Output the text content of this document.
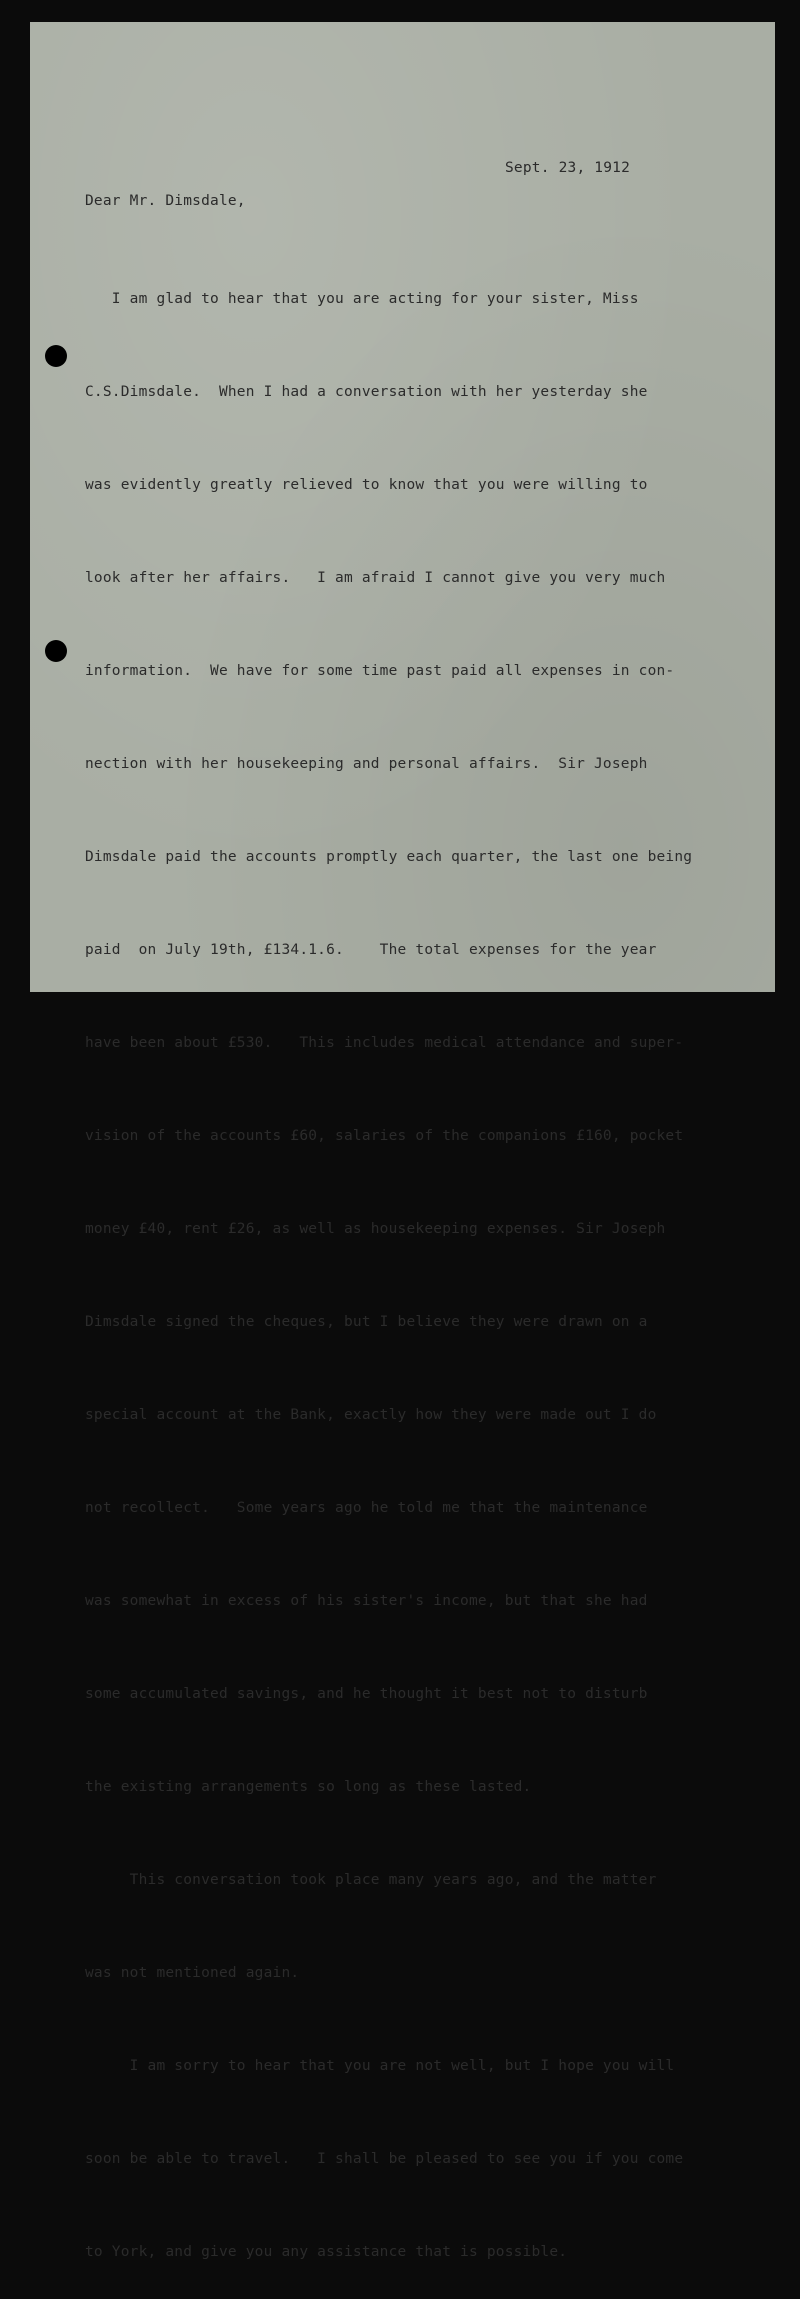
Sept. 23, 1912
Dear Mr. Dimsdale,

I am glad to hear that you are acting for your sister, Miss

C.S.Dimsdale.  When I had a conversation with her yesterday she

was evidently greatly relieved to know that you were willing to

look after her affairs.   I am afraid I cannot give you very much

information.  We have for some time past paid all expenses in con-

nection with her housekeeping and personal affairs.  Sir Joseph

Dimsdale paid the accounts promptly each quarter, the last one being

paid  on July 19th, £134.1.6.    The total expenses for the year

have been about £530.   This includes medical attendance and super-

vision of the accounts £60, salaries of the companions £160, pocket

money £40, rent £26, as well as housekeeping expenses. Sir Joseph

Dimsdale signed the cheques, but I believe they were drawn on a

special account at the Bank, exactly how they were made out I do

not recollect.   Some years ago he told me that the maintenance

was somewhat in excess of his sister's income, but that she had

some accumulated savings, and he thought it best not to disturb

the existing arrangements so long as these lasted.

This conversation took place many years ago, and the matter

was not mentioned again.

I am sorry to hear that you are not well, but I hope you will

soon be able to travel.   I shall be pleased to see you if you come

to York, and give you any assistance that is possible.
